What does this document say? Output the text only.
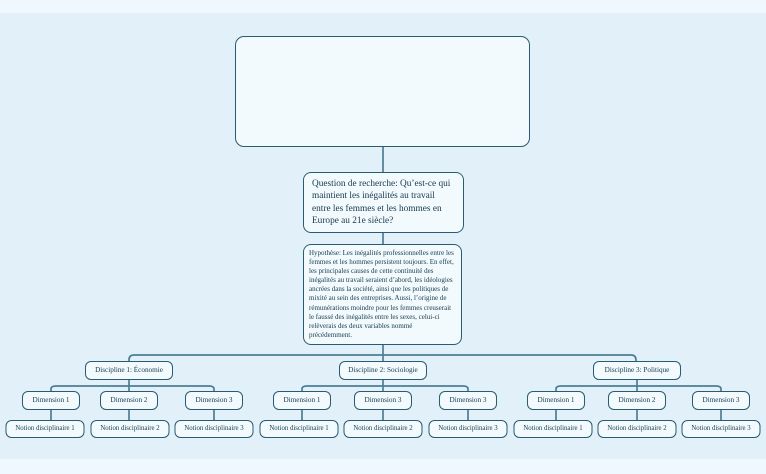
Question de recherche: Qu’est-ce qui maintient les inégalités au travail entre les femmes et les hommes en Europe au 21e siècle?
Hypothèse: Les inégalités professionnelles entre les femmes et les hommes persistent toujours. En effet, les principales causes de cette continuité des inégalités au travail seraient d’abord, les idéologies ancrées dans la société, ainsi que les politiques de mixité au sein des entreprises. Aussi, l’origine de rémunérations moindre pour les femmes creuserait le faussé des inégalités entre les sexes, celui-ci relèverais des deux variables nommé précédemment.
Discipline 1: Économie
Dimension 1	Dimension 2	Dimension 3
Notion disciplinaire 1	Notion disciplinaire 2	Notion disciplinaire 3
Discipline 2: Sociologie
Dimension 1	Dimension 3	Dimension 3
Notion disciplinaire 1	Notion disciplinaire 2	Notion disciplinaire 3
Discipline 3: Politique
Dimension 1	Dimension 2	Dimension 3
Notion disciplinaire 1	Notion disciplinaire 2	Notion disciplinaire 3
